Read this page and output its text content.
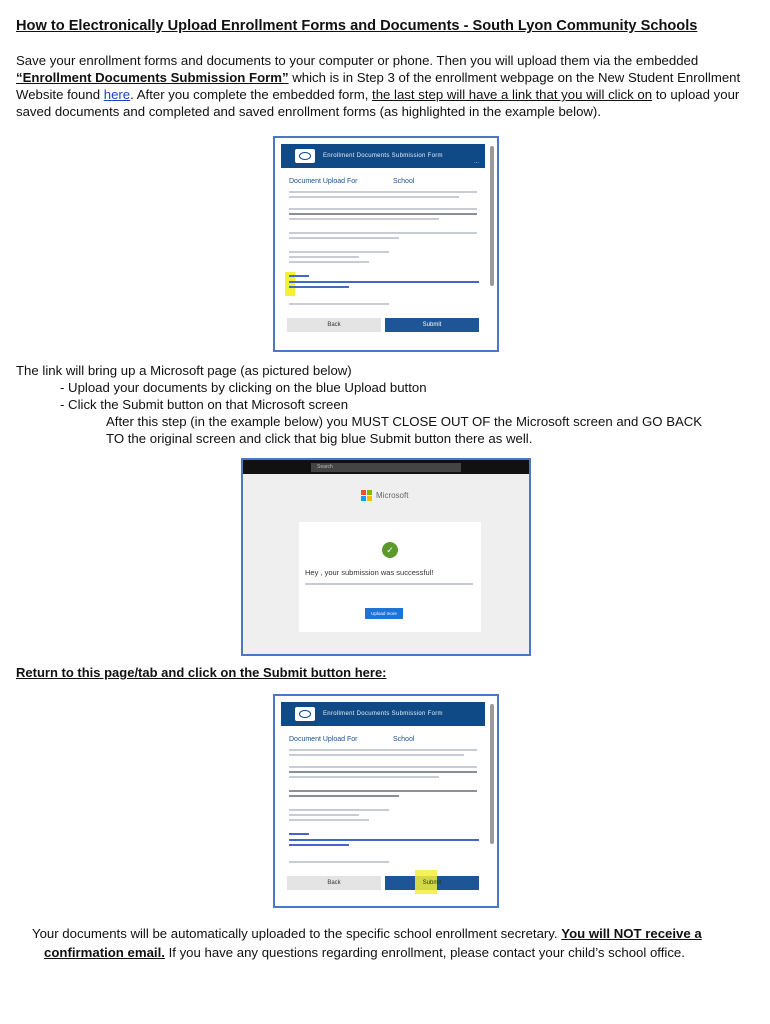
How to Electronically Upload Enrollment Forms and Documents - South Lyon Community Schools
Save your enrollment forms and documents to your computer or phone. Then you will upload them via the embedded “Enrollment Documents Submission Form” which is in Step 3 of the enrollment webpage on the New Student Enrollment Website found here. After you complete the embedded form, the last step will have a link that you will click on to upload your saved documents and completed and saved enrollment forms (as highlighted in the example below).
Enrollment Documents Submission Form
...
Document Upload For	School
Back	Submit
The link will bring up a Microsoft page (as pictured below)
- Upload your documents by clicking on the blue Upload button
- Click the Submit button on that Microsoft screen
After this step (in the example below) you MUST CLOSE OUT OF the Microsoft screen and GO BACK
TO the original screen and click that big blue Submit button there as well.
Search
Microsoft
✓
Hey , your submission was successful!
Upload more
Return to this page/tab and click on the Submit button here:
Enrollment Documents Submission Form
Document Upload For	School
Back	Submit
Your documents will be automatically uploaded to the specific school enrollment secretary. You will NOT receive a
confirmation email. If you have any questions regarding enrollment, please contact your child’s school office.
